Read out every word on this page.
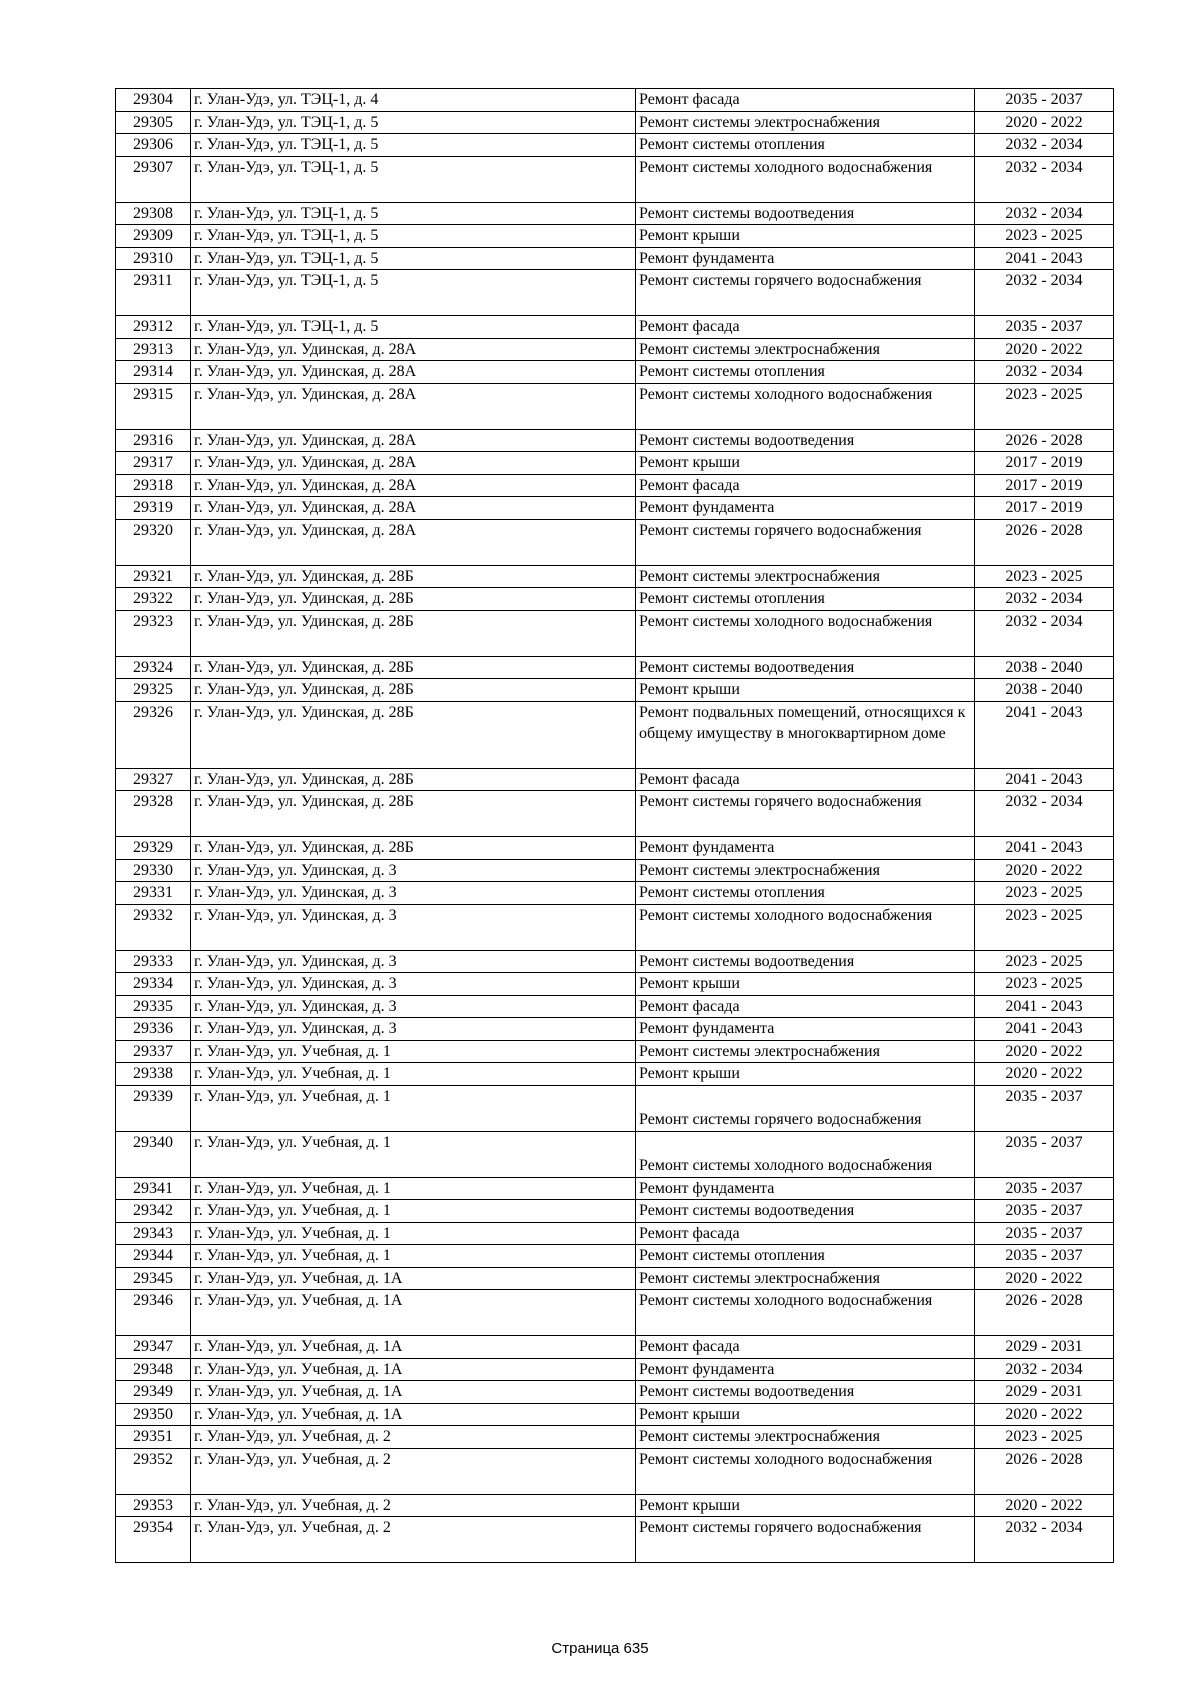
29304	г. Улан-Удэ, ул. ТЭЦ-1, д. 4	Ремонт фасада	2035 - 2037
29305	г. Улан-Удэ, ул. ТЭЦ-1, д. 5	Ремонт системы электроснабжения	2020 - 2022
29306	г. Улан-Удэ, ул. ТЭЦ-1, д. 5	Ремонт системы отопления	2032 - 2034
29307	г. Улан-Удэ, ул. ТЭЦ-1, д. 5	Ремонт системы холодного водоснабжения	2032 - 2034
29308	г. Улан-Удэ, ул. ТЭЦ-1, д. 5	Ремонт системы водоотведения	2032 - 2034
29309	г. Улан-Удэ, ул. ТЭЦ-1, д. 5	Ремонт крыши	2023 - 2025
29310	г. Улан-Удэ, ул. ТЭЦ-1, д. 5	Ремонт фундамента	2041 - 2043
29311	г. Улан-Удэ, ул. ТЭЦ-1, д. 5	Ремонт системы горячего водоснабжения	2032 - 2034
29312	г. Улан-Удэ, ул. ТЭЦ-1, д. 5	Ремонт фасада	2035 - 2037
29313	г. Улан-Удэ, ул. Удинская, д. 28А	Ремонт системы электроснабжения	2020 - 2022
29314	г. Улан-Удэ, ул. Удинская, д. 28А	Ремонт системы отопления	2032 - 2034
29315	г. Улан-Удэ, ул. Удинская, д. 28А	Ремонт системы холодного водоснабжения	2023 - 2025
29316	г. Улан-Удэ, ул. Удинская, д. 28А	Ремонт системы водоотведения	2026 - 2028
29317	г. Улан-Удэ, ул. Удинская, д. 28А	Ремонт крыши	2017 - 2019
29318	г. Улан-Удэ, ул. Удинская, д. 28А	Ремонт фасада	2017 - 2019
29319	г. Улан-Удэ, ул. Удинская, д. 28А	Ремонт фундамента	2017 - 2019
29320	г. Улан-Удэ, ул. Удинская, д. 28А	Ремонт системы горячего водоснабжения	2026 - 2028
29321	г. Улан-Удэ, ул. Удинская, д. 28Б	Ремонт системы электроснабжения	2023 - 2025
29322	г. Улан-Удэ, ул. Удинская, д. 28Б	Ремонт системы отопления	2032 - 2034
29323	г. Улан-Удэ, ул. Удинская, д. 28Б	Ремонт системы холодного водоснабжения	2032 - 2034
29324	г. Улан-Удэ, ул. Удинская, д. 28Б	Ремонт системы водоотведения	2038 - 2040
29325	г. Улан-Удэ, ул. Удинская, д. 28Б	Ремонт крыши	2038 - 2040
29326	г. Улан-Удэ, ул. Удинская, д. 28Б	Ремонт подвальных помещений, относящихся к общему имуществу в многоквартирном доме	2041 - 2043
29327	г. Улан-Удэ, ул. Удинская, д. 28Б	Ремонт фасада	2041 - 2043
29328	г. Улан-Удэ, ул. Удинская, д. 28Б	Ремонт системы горячего водоснабжения	2032 - 2034
29329	г. Улан-Удэ, ул. Удинская, д. 28Б	Ремонт фундамента	2041 - 2043
29330	г. Улан-Удэ, ул. Удинская, д. 3	Ремонт системы электроснабжения	2020 - 2022
29331	г. Улан-Удэ, ул. Удинская, д. 3	Ремонт системы отопления	2023 - 2025
29332	г. Улан-Удэ, ул. Удинская, д. 3	Ремонт системы холодного водоснабжения	2023 - 2025
29333	г. Улан-Удэ, ул. Удинская, д. 3	Ремонт системы водоотведения	2023 - 2025
29334	г. Улан-Удэ, ул. Удинская, д. 3	Ремонт крыши	2023 - 2025
29335	г. Улан-Удэ, ул. Удинская, д. 3	Ремонт фасада	2041 - 2043
29336	г. Улан-Удэ, ул. Удинская, д. 3	Ремонт фундамента	2041 - 2043
29337	г. Улан-Удэ, ул. Учебная, д. 1	Ремонт системы электроснабжения	2020 - 2022
29338	г. Улан-Удэ, ул. Учебная, д. 1	Ремонт крыши	2020 - 2022
29339	г. Улан-Удэ, ул. Учебная, д. 1	Ремонт системы горячего водоснабжения	2035 - 2037
29340	г. Улан-Удэ, ул. Учебная, д. 1	Ремонт системы холодного водоснабжения	2035 - 2037
29341	г. Улан-Удэ, ул. Учебная, д. 1	Ремонт фундамента	2035 - 2037
29342	г. Улан-Удэ, ул. Учебная, д. 1	Ремонт системы водоотведения	2035 - 2037
29343	г. Улан-Удэ, ул. Учебная, д. 1	Ремонт фасада	2035 - 2037
29344	г. Улан-Удэ, ул. Учебная, д. 1	Ремонт системы отопления	2035 - 2037
29345	г. Улан-Удэ, ул. Учебная, д. 1А	Ремонт системы электроснабжения	2020 - 2022
29346	г. Улан-Удэ, ул. Учебная, д. 1А	Ремонт системы холодного водоснабжения	2026 - 2028
29347	г. Улан-Удэ, ул. Учебная, д. 1А	Ремонт фасада	2029 - 2031
29348	г. Улан-Удэ, ул. Учебная, д. 1А	Ремонт фундамента	2032 - 2034
29349	г. Улан-Удэ, ул. Учебная, д. 1А	Ремонт системы водоотведения	2029 - 2031
29350	г. Улан-Удэ, ул. Учебная, д. 1А	Ремонт крыши	2020 - 2022
29351	г. Улан-Удэ, ул. Учебная, д. 2	Ремонт системы электроснабжения	2023 - 2025
29352	г. Улан-Удэ, ул. Учебная, д. 2	Ремонт системы холодного водоснабжения	2026 - 2028
29353	г. Улан-Удэ, ул. Учебная, д. 2	Ремонт крыши	2020 - 2022
29354	г. Улан-Удэ, ул. Учебная, д. 2	Ремонт системы горячего водоснабжения	2032 - 2034
Страница 635
